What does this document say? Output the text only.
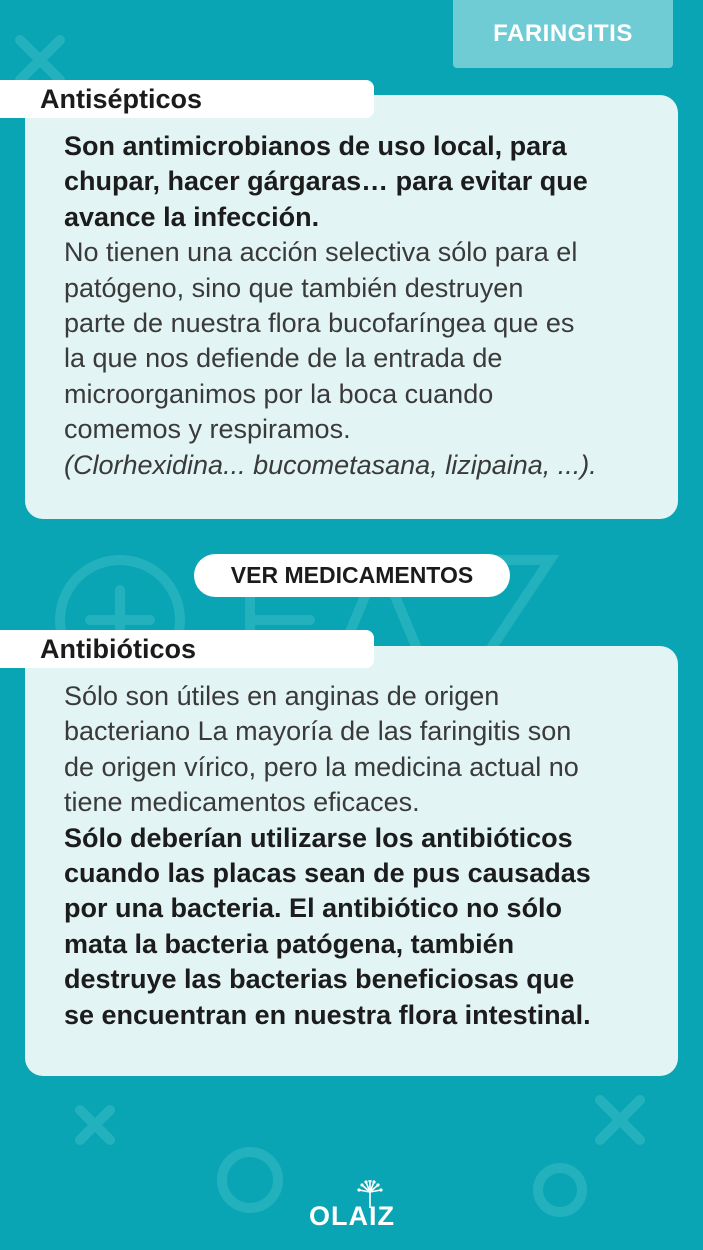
FARINGITIS
Son antimicrobianos de uso local, para
chupar, hacer gárgaras… para evitar que
avance la infección.
No tienen una acción selectiva sólo para el
patógeno, sino que también destruyen
parte de nuestra flora bucofaríngea que es
la que nos defiende de la entrada de
microorganimos por la boca cuando
comemos y respiramos.
(Clorhexidina... bucometasana, lizipaina, ...).
Antisépticos
VER MEDICAMENTOS
Sólo son útiles en anginas de origen
bacteriano La mayoría de las faringitis son
de origen vírico, pero la medicina actual no
tiene medicamentos eficaces.
Sólo deberían utilizarse los antibióticos
cuando las placas sean de pus causadas
por una bacteria. El antibiótico no sólo
mata la bacteria patógena, también
destruye las bacterias beneficiosas que
se encuentran en nuestra flora intestinal.
Antibióticos
OLAIZ
